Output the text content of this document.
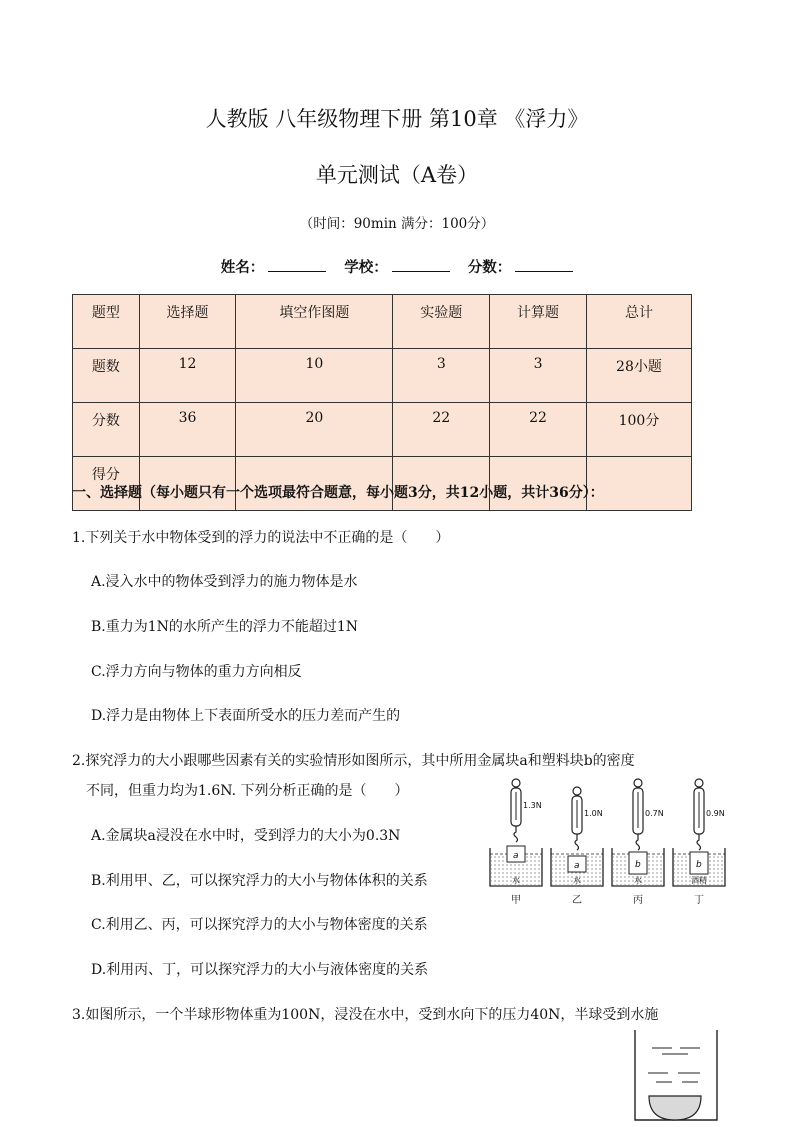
人教版 八年级物理下册 第10章 《浮力》
单元测试（A卷）
（时间：90min 满分：100分）
姓名：	学校：	分数：
题型	选择题	填空作图题	实验题	计算题	总计
题数	12	10	3	3	28小题
分数	36	20	22	22	100分
得分					
一、选择题（每小题只有一个选项最符合题意，每小题3分，共12小题，共计36分）：
1.下列关于水中物体受到的浮力的说法中不正确的是（　　）
A.浸入水中的物体受到浮力的施力物体是水
B.重力为1N的水所产生的浮力不能超过1N
C.浮力方向与物体的重力方向相反
D.浮力是由物体上下表面所受水的压力差而产生的
2.探究浮力的大小跟哪些因素有关的实验情形如图所示，其中所用金属块a和塑料块b的密度
不同，但重力均为1.6N. 下列分析正确的是（　　）
A.金属块a浸没在水中时，受到浮力的大小为0.3N
B.利用甲、乙，可以探究浮力的大小与物体体积的关系
C.利用乙、丙，可以探究浮力的大小与物体密度的关系
D.利用丙、丁，可以探究浮力的大小与液体密度的关系
1.3N
1.0N	0.7N	0.9N
a
a	b	b
水	水	水	酒精
甲	乙	丙	丁
3.如图所示，一个半球形物体重为100N，浸没在水中，受到水向下的压力40N，半球受到水施
